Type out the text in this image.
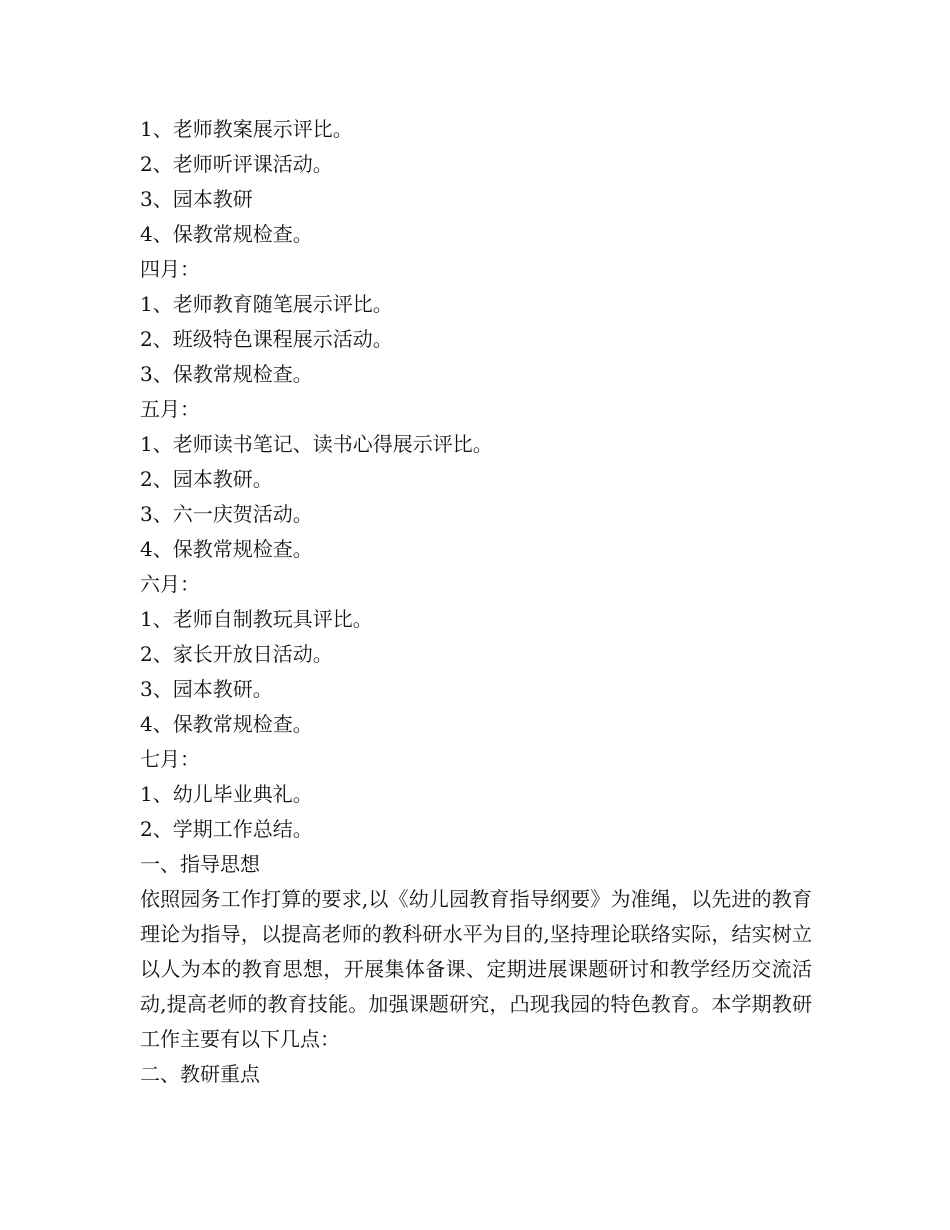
1、老师教案展示评比。

2、老师听评课活动。

3、园本教研

4、保教常规检查。

四月：

1、老师教育随笔展示评比。

2、班级特色课程展示活动。

3、保教常规检查。

五月：

1、老师读书笔记、读书心得展示评比。

2、园本教研。

3、六一庆贺活动。

4、保教常规检查。

六月：

1、老师自制教玩具评比。

2、家长开放日活动。

3、园本教研。

4、保教常规检查。

七月：

1、幼儿毕业典礼。

2、学期工作总结。

一、指导思想

依照园务工作打算的要求,以《幼儿园教育指导纲要》为准绳，以先进的教育理论为指导，以提高老师的教科研水平为目的,坚持理论联络实际，结实树立以人为本的教育思想，开展集体备课、定期进展课题研讨和教学经历交流活动,提高老师的教育技能。加强课题研究，凸现我园的特色教育。本学期教研工作主要有以下几点：

二、教研重点
